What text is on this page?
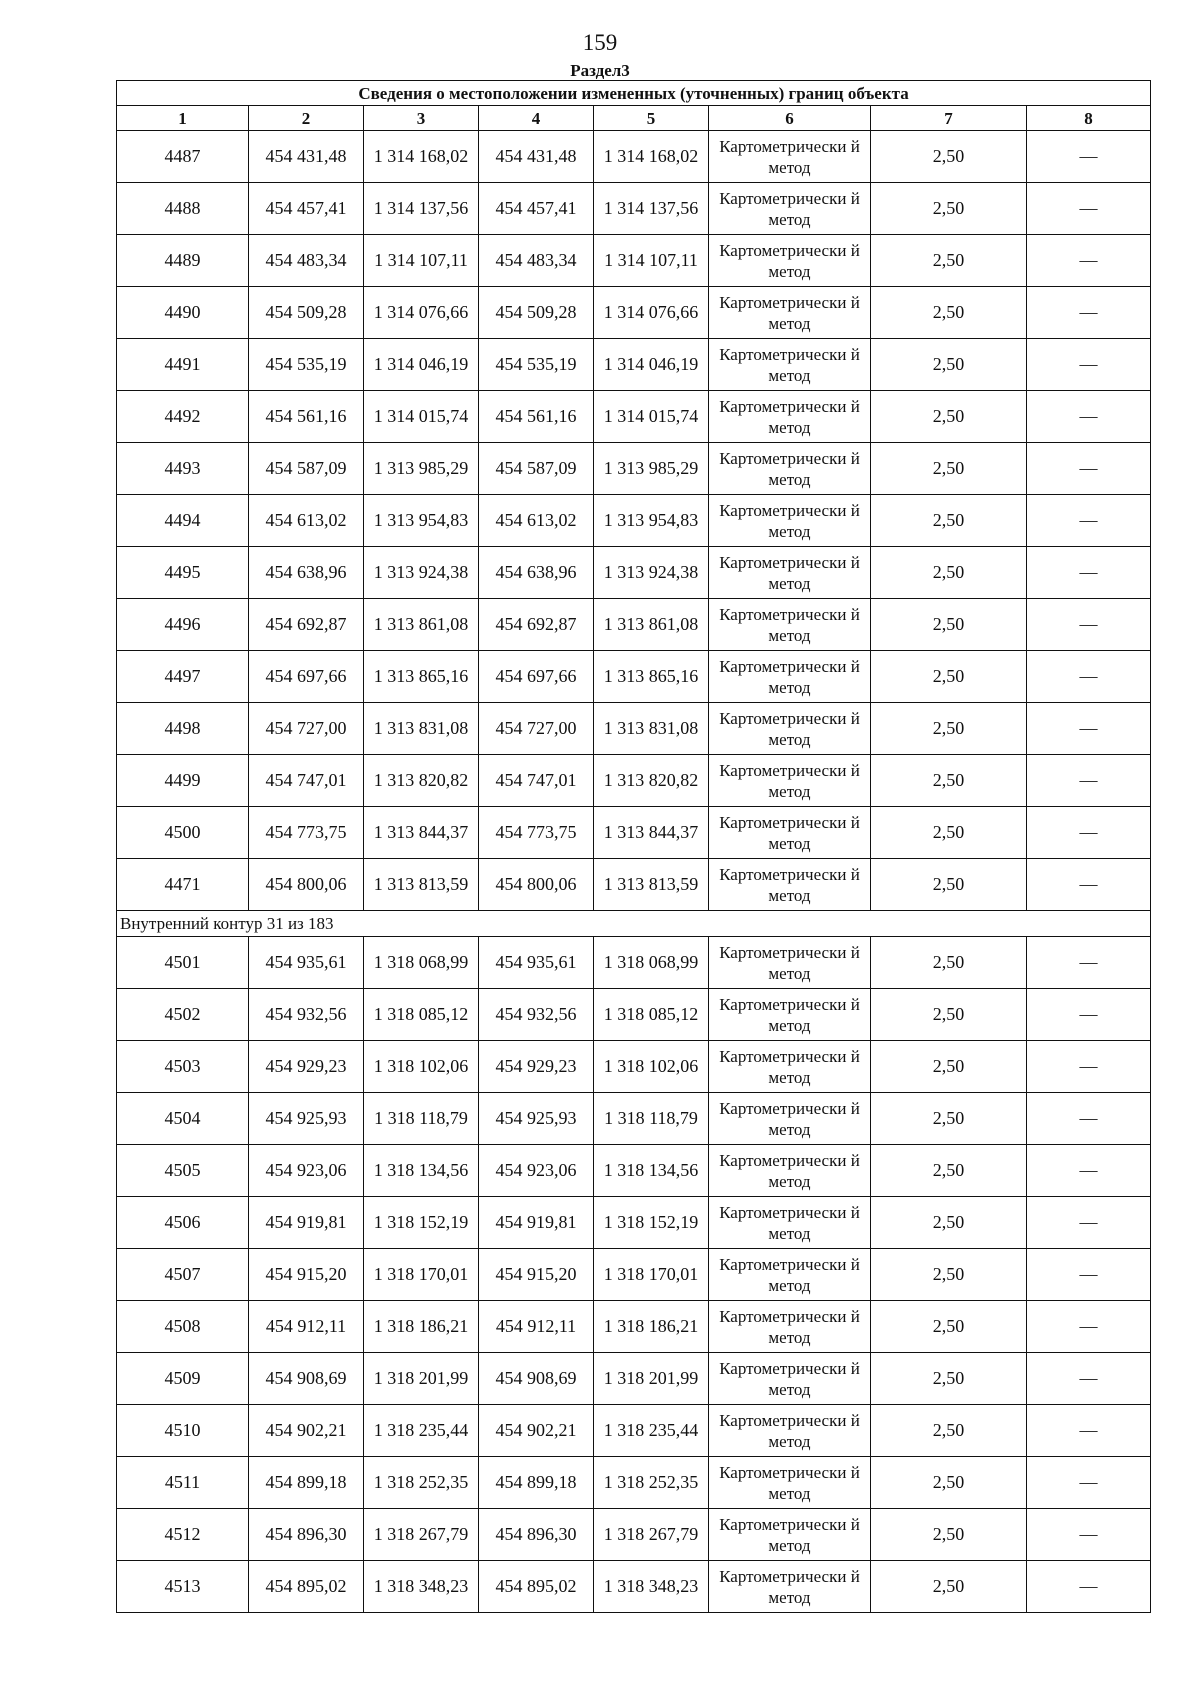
159
Раздел3
Сведения о местоположении измененных (уточненных) границ объекта							
1	2	3	4	5	6	7	8
4487	454 431,48	1 314 168,02	454 431,48	1 314 168,02	Картометрически й метод	2,50	—
4488	454 457,41	1 314 137,56	454 457,41	1 314 137,56	Картометрически й метод	2,50	—
4489	454 483,34	1 314 107,11	454 483,34	1 314 107,11	Картометрически й метод	2,50	—
4490	454 509,28	1 314 076,66	454 509,28	1 314 076,66	Картометрически й метод	2,50	—
4491	454 535,19	1 314 046,19	454 535,19	1 314 046,19	Картометрически й метод	2,50	—
4492	454 561,16	1 314 015,74	454 561,16	1 314 015,74	Картометрически й метод	2,50	—
4493	454 587,09	1 313 985,29	454 587,09	1 313 985,29	Картометрически й метод	2,50	—
4494	454 613,02	1 313 954,83	454 613,02	1 313 954,83	Картометрически й метод	2,50	—
4495	454 638,96	1 313 924,38	454 638,96	1 313 924,38	Картометрически й метод	2,50	—
4496	454 692,87	1 313 861,08	454 692,87	1 313 861,08	Картометрически й метод	2,50	—
4497	454 697,66	1 313 865,16	454 697,66	1 313 865,16	Картометрически й метод	2,50	—
4498	454 727,00	1 313 831,08	454 727,00	1 313 831,08	Картометрически й метод	2,50	—
4499	454 747,01	1 313 820,82	454 747,01	1 313 820,82	Картометрически й метод	2,50	—
4500	454 773,75	1 313 844,37	454 773,75	1 313 844,37	Картометрически й метод	2,50	—
4471	454 800,06	1 313 813,59	454 800,06	1 313 813,59	Картометрически й метод	2,50	—
Внутренний контур 31 из 183							
4501	454 935,61	1 318 068,99	454 935,61	1 318 068,99	Картометрически й метод	2,50	—
4502	454 932,56	1 318 085,12	454 932,56	1 318 085,12	Картометрически й метод	2,50	—
4503	454 929,23	1 318 102,06	454 929,23	1 318 102,06	Картометрически й метод	2,50	—
4504	454 925,93	1 318 118,79	454 925,93	1 318 118,79	Картометрически й метод	2,50	—
4505	454 923,06	1 318 134,56	454 923,06	1 318 134,56	Картометрически й метод	2,50	—
4506	454 919,81	1 318 152,19	454 919,81	1 318 152,19	Картометрически й метод	2,50	—
4507	454 915,20	1 318 170,01	454 915,20	1 318 170,01	Картометрически й метод	2,50	—
4508	454 912,11	1 318 186,21	454 912,11	1 318 186,21	Картометрически й метод	2,50	—
4509	454 908,69	1 318 201,99	454 908,69	1 318 201,99	Картометрически й метод	2,50	—
4510	454 902,21	1 318 235,44	454 902,21	1 318 235,44	Картометрически й метод	2,50	—
4511	454 899,18	1 318 252,35	454 899,18	1 318 252,35	Картометрически й метод	2,50	—
4512	454 896,30	1 318 267,79	454 896,30	1 318 267,79	Картометрически й метод	2,50	—
4513	454 895,02	1 318 348,23	454 895,02	1 318 348,23	Картометрически й метод	2,50	—
